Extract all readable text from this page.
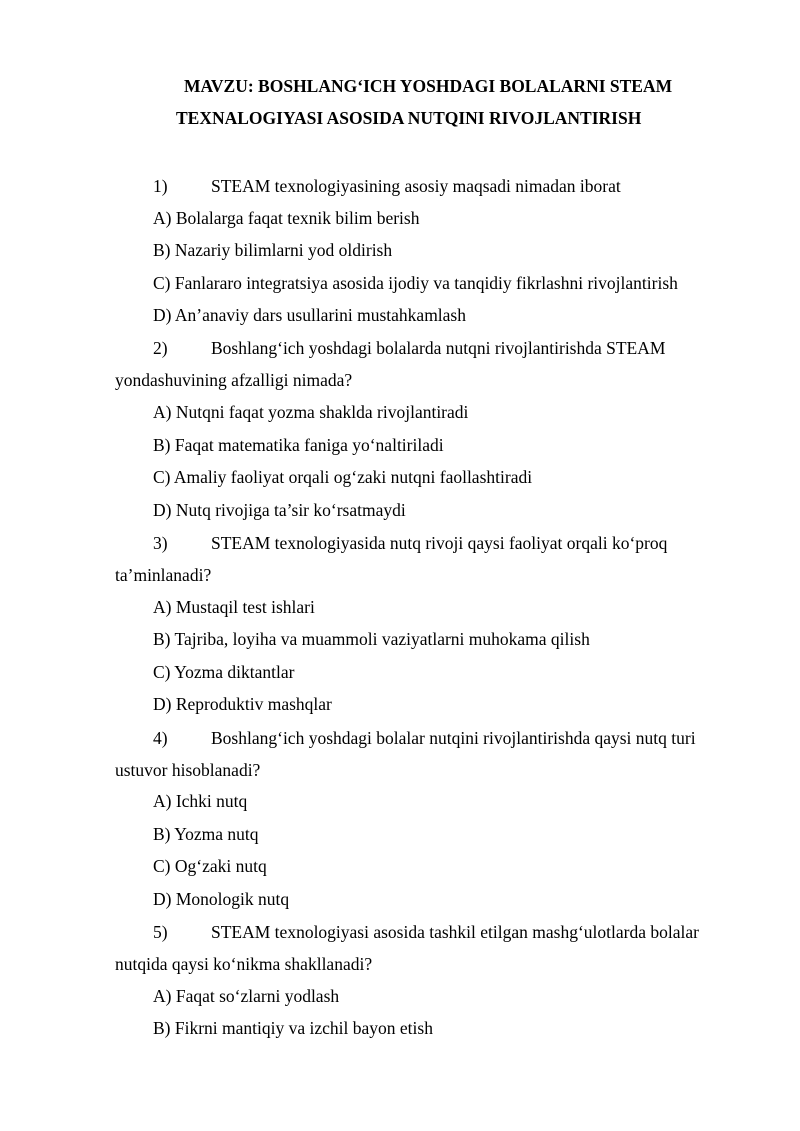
MAVZU: BOSHLANG‘ICH YOSHDAGI BOLALARNI STEAM
TEXNALOGIYASI ASOSIDA NUTQINI RIVOJLANTIRISH
1) STEAM texnologiyasining asosiy maqsadi nimadan iborat
A) Bolalarga faqat texnik bilim berish
B) Nazariy bilimlarni yod oldirish
C) Fanlararo integratsiya asosida ijodiy va tanqidiy fikrlashni rivojlantirish
D) An’anaviy dars usullarini mustahkamlash
2) Boshlang‘ich yoshdagi bolalarda nutqni rivojlantirishda STEAM
yondashuvining afzalligi nimada?
A) Nutqni faqat yozma shaklda rivojlantiradi
B) Faqat matematika faniga yo‘naltiriladi
C) Amaliy faoliyat orqali og‘zaki nutqni faollashtiradi
D) Nutq rivojiga ta’sir ko‘rsatmaydi
3) STEAM texnologiyasida nutq rivoji qaysi faoliyat orqali ko‘proq
ta’minlanadi?
A) Mustaqil test ishlari
B) Tajriba, loyiha va muammoli vaziyatlarni muhokama qilish
C) Yozma diktantlar
D) Reproduktiv mashqlar
4) Boshlang‘ich yoshdagi bolalar nutqini rivojlantirishda qaysi nutq turi
ustuvor hisoblanadi?
A) Ichki nutq
B) Yozma nutq
C) Og‘zaki nutq
D) Monologik nutq
5) STEAM texnologiyasi asosida tashkil etilgan mashg‘ulotlarda bolalar
nutqida qaysi ko‘nikma shakllanadi?
A) Faqat so‘zlarni yodlash
B) Fikrni mantiqiy va izchil bayon etish
